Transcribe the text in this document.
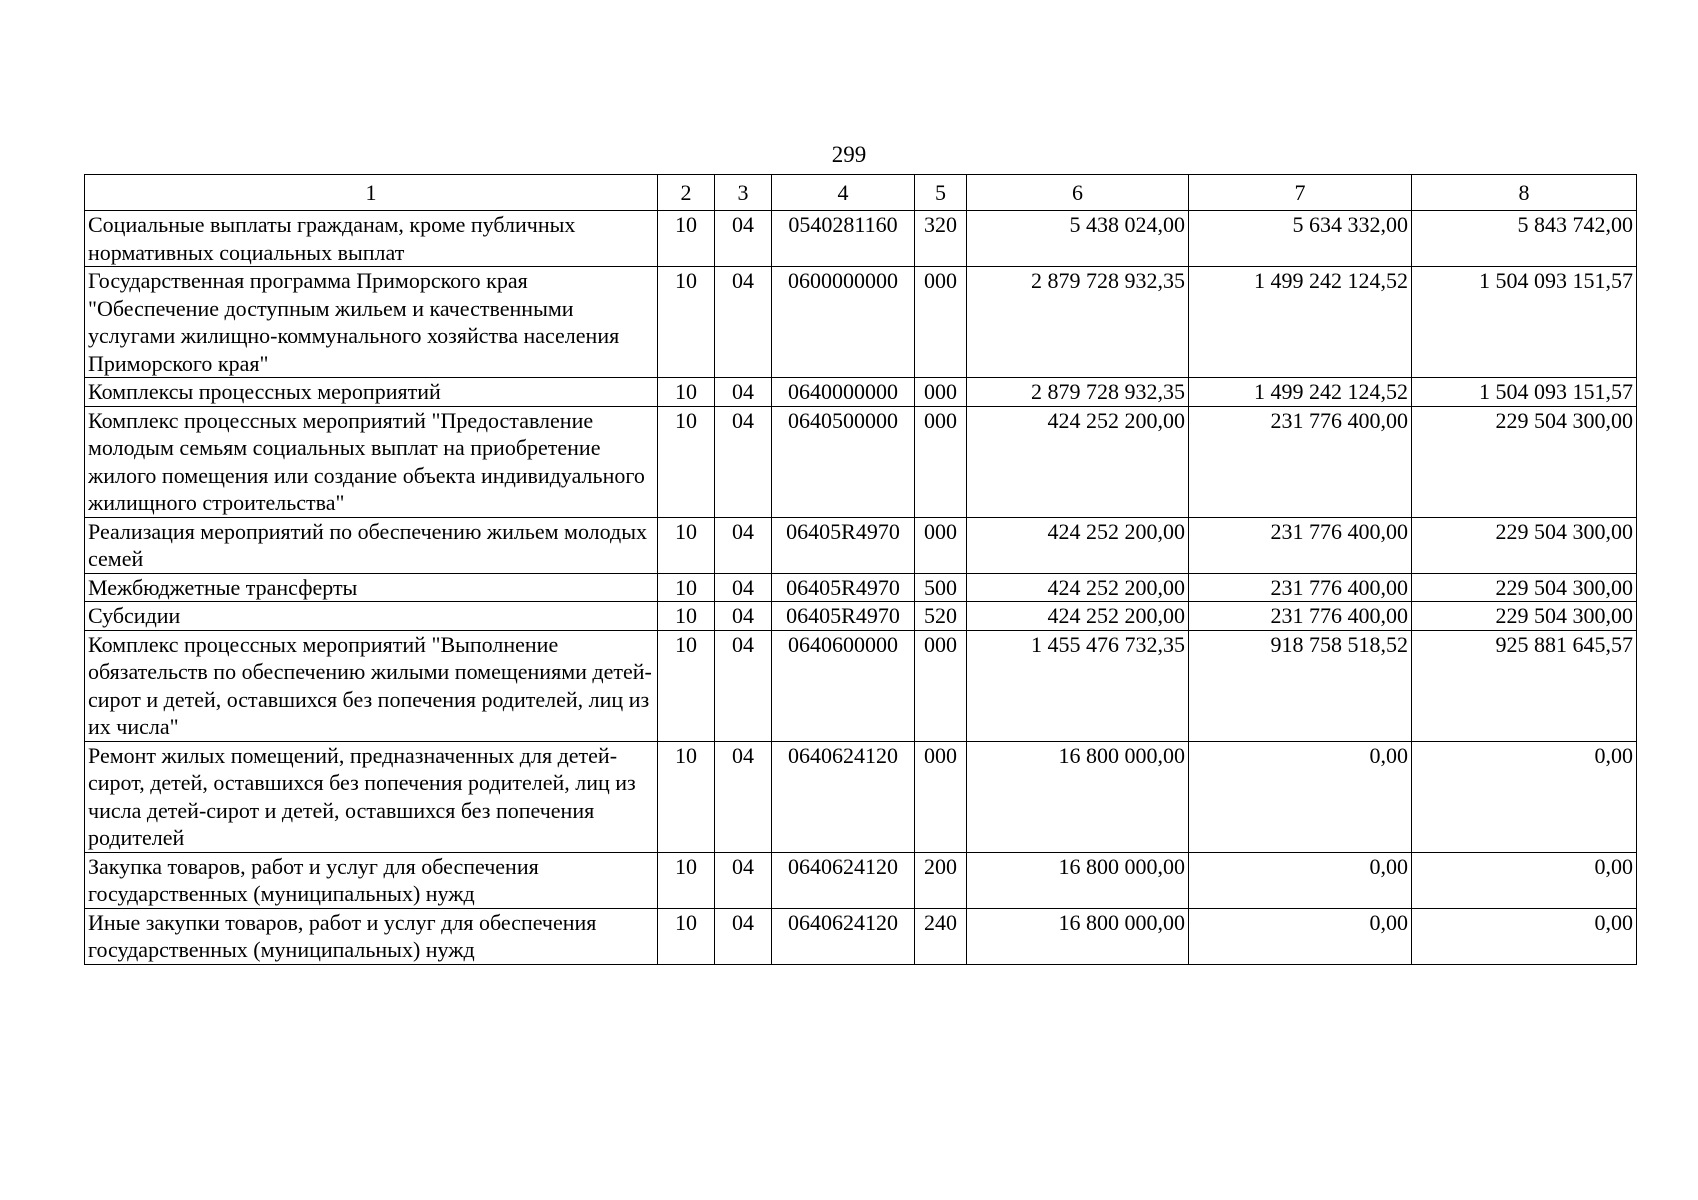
299
1	2	3	4	5	6	7	8
Социальные выплаты гражданам, кроме публичных нормативных социальных выплат	10	04	0540281160	320	5 438 024,00	5 634 332,00	5 843 742,00
Государственная программа Приморского края "Обеспечение доступным жильем и качественными услугами жилищно-коммунального хозяйства населения Приморского края"	10	04	0600000000	000	2 879 728 932,35	1 499 242 124,52	1 504 093 151,57
Комплексы процессных мероприятий	10	04	0640000000	000	2 879 728 932,35	1 499 242 124,52	1 504 093 151,57
Комплекс процессных мероприятий "Предоставление молодым семьям социальных выплат на приобретение жилого помещения или создание объекта индивидуального жилищного строительства"	10	04	0640500000	000	424 252 200,00	231 776 400,00	229 504 300,00
Реализация мероприятий по обеспечению жильем молодых семей	10	04	06405R4970	000	424 252 200,00	231 776 400,00	229 504 300,00
Межбюджетные трансферты	10	04	06405R4970	500	424 252 200,00	231 776 400,00	229 504 300,00
Субсидии	10	04	06405R4970	520	424 252 200,00	231 776 400,00	229 504 300,00
Комплекс процессных мероприятий "Выполнение обязательств по обеспечению жилыми помещениями детей-сирот и детей, оставшихся без попечения родителей, лиц из их числа"	10	04	0640600000	000	1 455 476 732,35	918 758 518,52	925 881 645,57
Ремонт жилых помещений, предназначенных для детей-сирот, детей, оставшихся без попечения родителей, лиц из числа детей-сирот и детей, оставшихся без попечения родителей	10	04	0640624120	000	16 800 000,00	0,00	0,00
Закупка товаров, работ и услуг для обеспечения государственных (муниципальных) нужд	10	04	0640624120	200	16 800 000,00	0,00	0,00
Иные закупки товаров, работ и услуг для обеспечения государственных (муниципальных) нужд	10	04	0640624120	240	16 800 000,00	0,00	0,00
